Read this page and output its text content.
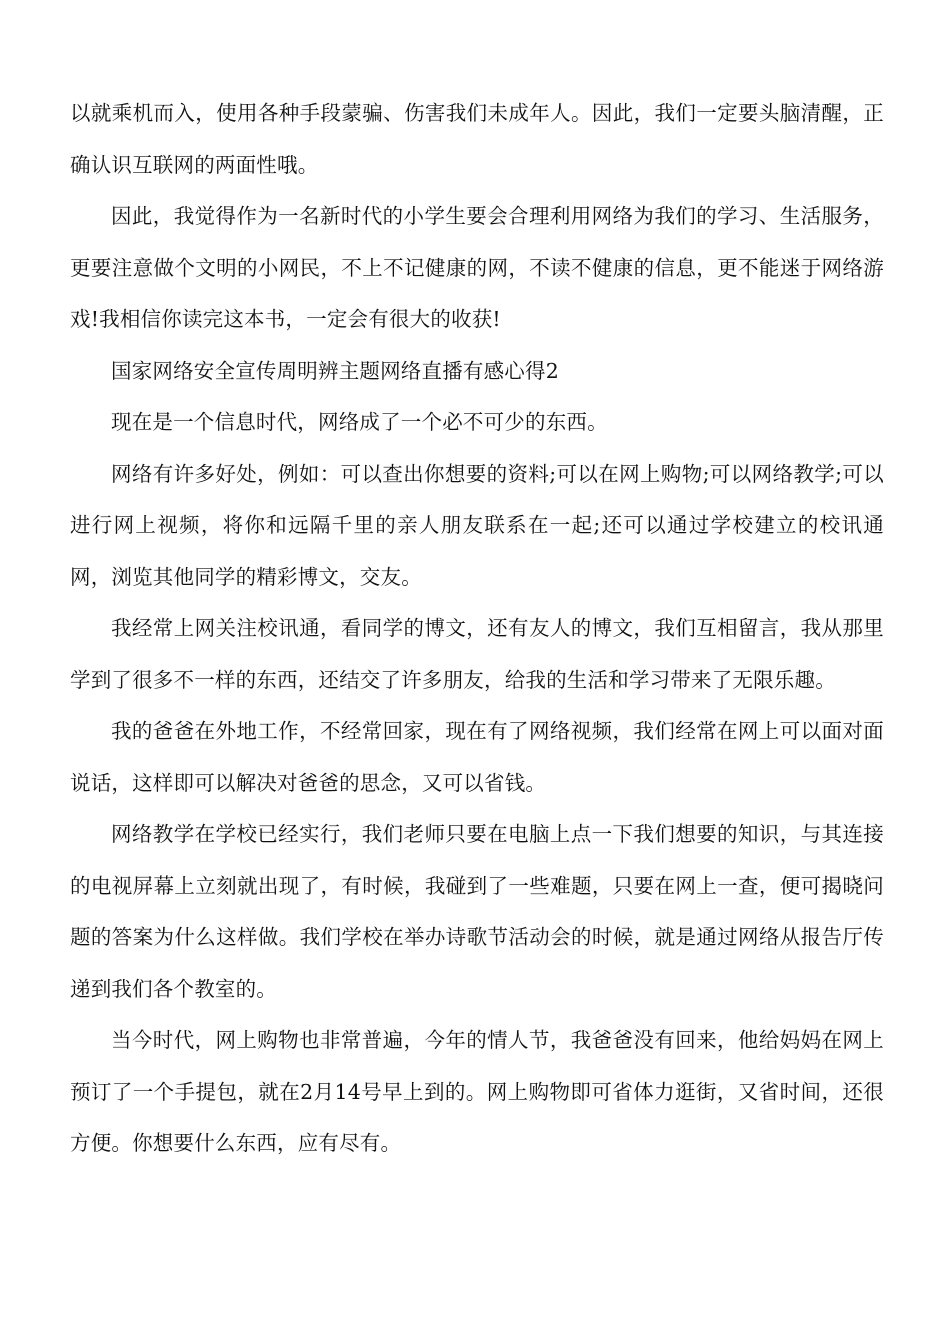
以就乘机而入，使用各种手段蒙骗、伤害我们未成年人。因此，我们一定要头脑清醒，正确认识互联网的两面性哦。

因此，我觉得作为一名新时代的小学生要会合理利用网络为我们的学习、生活服务，更要注意做个文明的小网民，不上不记健康的网，不读不健康的信息，更不能迷于网络游戏!我相信你读完这本书，一定会有很大的收获!

国家网络安全宣传周明辨主题网络直播有感心得2

现在是一个信息时代，网络成了一个必不可少的东西。

网络有许多好处，例如：可以查出你想要的资料;可以在网上购物;可以网络教学;可以进行网上视频，将你和远隔千里的亲人朋友联系在一起;还可以通过学校建立的校讯通网，浏览其他同学的精彩博文，交友。

我经常上网关注校讯通，看同学的博文，还有友人的博文，我们互相留言，我从那里学到了很多不一样的东西，还结交了许多朋友，给我的生活和学习带来了无限乐趣。

我的爸爸在外地工作，不经常回家，现在有了网络视频，我们经常在网上可以面对面说话，这样即可以解决对爸爸的思念，又可以省钱。

网络教学在学校已经实行，我们老师只要在电脑上点一下我们想要的知识，与其连接的电视屏幕上立刻就出现了，有时候，我碰到了一些难题，只要在网上一查，便可揭晓问题的答案为什么这样做。我们学校在举办诗歌节活动会的时候，就是通过网络从报告厅传递到我们各个教室的。

当今时代，网上购物也非常普遍，今年的情人节，我爸爸没有回来，他给妈妈在网上预订了一个手提包，就在2月14号早上到的。网上购物即可省体力逛街，又省时间，还很方便。你想要什么东西，应有尽有。
